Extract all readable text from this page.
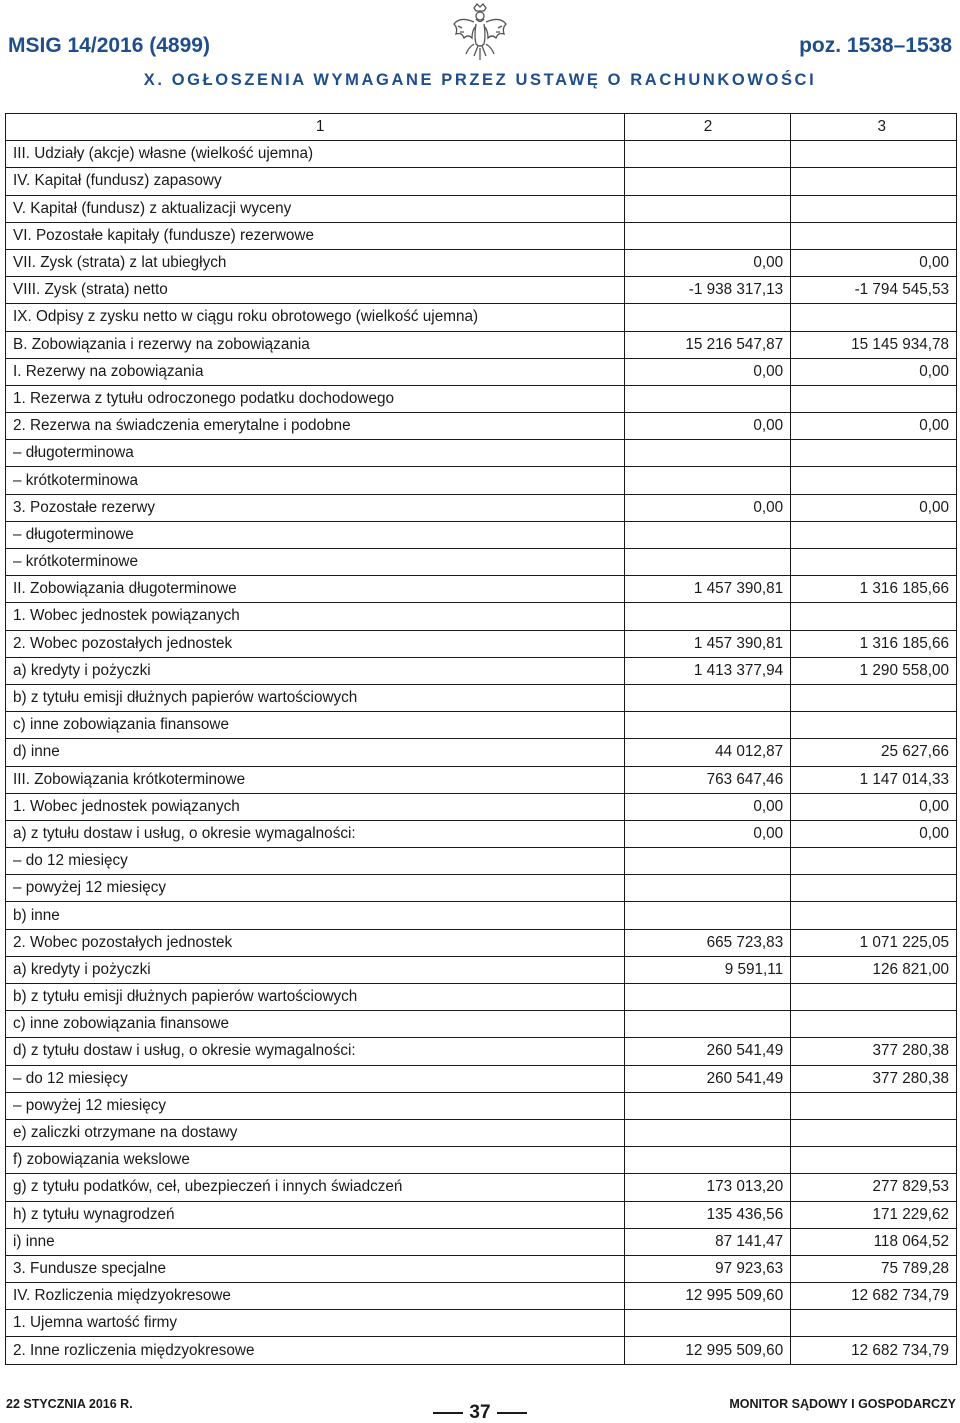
MSIG 14/2016 (4899)	poz. 1538–1538
X. OGŁOSZENIA WYMAGANE PRZEZ USTAWĘ O RACHUNKOWOŚCI
1	2	3
III. Udziały (akcje) własne (wielkość ujemna)		
IV. Kapitał (fundusz) zapasowy		
V. Kapitał (fundusz) z aktualizacji wyceny		
VI. Pozostałe kapitały (fundusze) rezerwowe		
VII. Zysk (strata) z lat ubiegłych	0,00	0,00
VIII. Zysk (strata) netto	-1 938 317,13	-1 794 545,53
IX. Odpisy z zysku netto w ciągu roku obrotowego (wielkość ujemna)		
B. Zobowiązania i rezerwy na zobowiązania	15 216 547,87	15 145 934,78
I. Rezerwy na zobowiązania	0,00	0,00
1. Rezerwa z tytułu odroczonego podatku dochodowego		
2. Rezerwa na świadczenia emerytalne i podobne	0,00	0,00
– długoterminowa		
– krótkoterminowa		
3. Pozostałe rezerwy	0,00	0,00
– długoterminowe		
– krótkoterminowe		
II. Zobowiązania długoterminowe	1 457 390,81	1 316 185,66
1. Wobec jednostek powiązanych		
2. Wobec pozostałych jednostek	1 457 390,81	1 316 185,66
a) kredyty i pożyczki	1 413 377,94	1 290 558,00
b) z tytułu emisji dłużnych papierów wartościowych		
c) inne zobowiązania finansowe		
d) inne	44 012,87	25 627,66
III. Zobowiązania krótkoterminowe	763 647,46	1 147 014,33
1. Wobec jednostek powiązanych	0,00	0,00
a) z tytułu dostaw i usług, o okresie wymagalności:	0,00	0,00
– do 12 miesięcy		
– powyżej 12 miesięcy		
b) inne		
2. Wobec pozostałych jednostek	665 723,83	1 071 225,05
a) kredyty i pożyczki	9 591,11	126 821,00
b) z tytułu emisji dłużnych papierów wartościowych		
c) inne zobowiązania finansowe		
d) z tytułu dostaw i usług, o okresie wymagalności:	260 541,49	377 280,38
– do 12 miesięcy	260 541,49	377 280,38
– powyżej 12 miesięcy		
e) zaliczki otrzymane na dostawy		
f) zobowiązania wekslowe		
g) z tytułu podatków, ceł, ubezpieczeń i innych świadczeń	173 013,20	277 829,53
h) z tytułu wynagrodzeń	135 436,56	171 229,62
i) inne	87 141,47	118 064,52
3. Fundusze specjalne	97 923,63	75 789,28
IV. Rozliczenia międzyokresowe	12 995 509,60	12 682 734,79
1. Ujemna wartość firmy		
2. Inne rozliczenia międzyokresowe	12 995 509,60	12 682 734,79
22 STYCZNIA 2016 R.	37	MONITOR SĄDOWY I GOSPODARCZY
